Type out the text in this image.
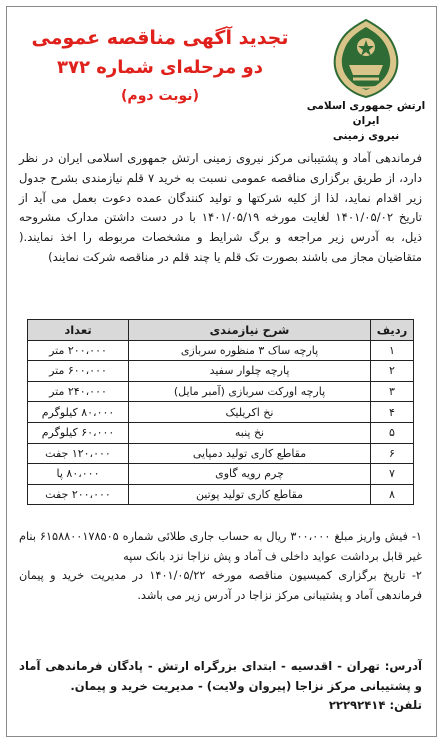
ارتش جمهوری اسلامی ایران
نیروی زمینی
تجدید آگهی مناقصه عمومی
دو مرحله‌ای شماره ۳۷۲
(نوبت دوم)
فرماندهی آماد و پشتیبانی مرکز نیروی زمینی ارتش جمهوری اسلامی ایران در نظر دارد، از طریق برگزاری مناقصه عمومی نسبت به خرید ۷ قلم نیازمندی بشرح جدول زیر اقدام نماید، لذا از کلیه شرکتها و تولید کنندگان عمده دعوت بعمل می آید از تاریخ ۱۴۰۱/۰۵/۰۲ لغایت مورخه ۱۴۰۱/۰۵/۱۹ با در دست داشتن مدارک مشروحه ذیل، به آدرس زیر مراجعه و برگ شرایط و مشخصات مربوطه را اخذ نمایند.( متقاضیان مجاز می باشند بصورت تک قلم یا چند قلم در مناقصه شرکت نمایند)
ردیف	شرح نیازمندی	تعداد
۱	پارچه ساک ۳ منظوره سربازی	۲۰۰،۰۰۰ متر
۲	پارچه چلوار سفید	۶۰۰،۰۰۰ متر
۳	پارچه اورکت سربازی (آمبر مایل)	۲۴۰،۰۰۰ متر
۴	نخ اکریلیک	۸۰،۰۰۰ کیلوگرم
۵	نخ پنبه	۶۰،۰۰۰ کیلوگرم
۶	مقاطع کاری تولید دمپایی	۱۲۰،۰۰۰ جفت
۷	چرم رویه گاوی	۸۰،۰۰۰ پا
۸	مقاطع کاری تولید پوتین	۲۰۰،۰۰۰ جفت

۱- فیش واریز مبلغ ۳۰۰،۰۰۰ ریال به حساب جاری طلائی شماره ۶۱۵۸۸۰۰۱۷۸۵۰۵ بنام غیر قابل برداشت عواید داخلی ف آماد و پش نزاجا نزد بانک سپه

۲- تاریخ برگزاری کمیسیون مناقصه مورخه ۱۴۰۱/۰۵/۲۲ در مدیریت خرید و پیمان فرماندهی آماد و پشتیبانی مرکز نزاجا در آدرس زیر می باشد.

آدرس: تهران - اقدسیه - ابتدای بزرگراه ارتش - پادگان فرماندهی آماد و پشتیبانی مرکز نزاجا (پیروان ولایت) - مدیریت خرید و پیمان.

تلفن: ۲۲۲۹۲۴۱۴
